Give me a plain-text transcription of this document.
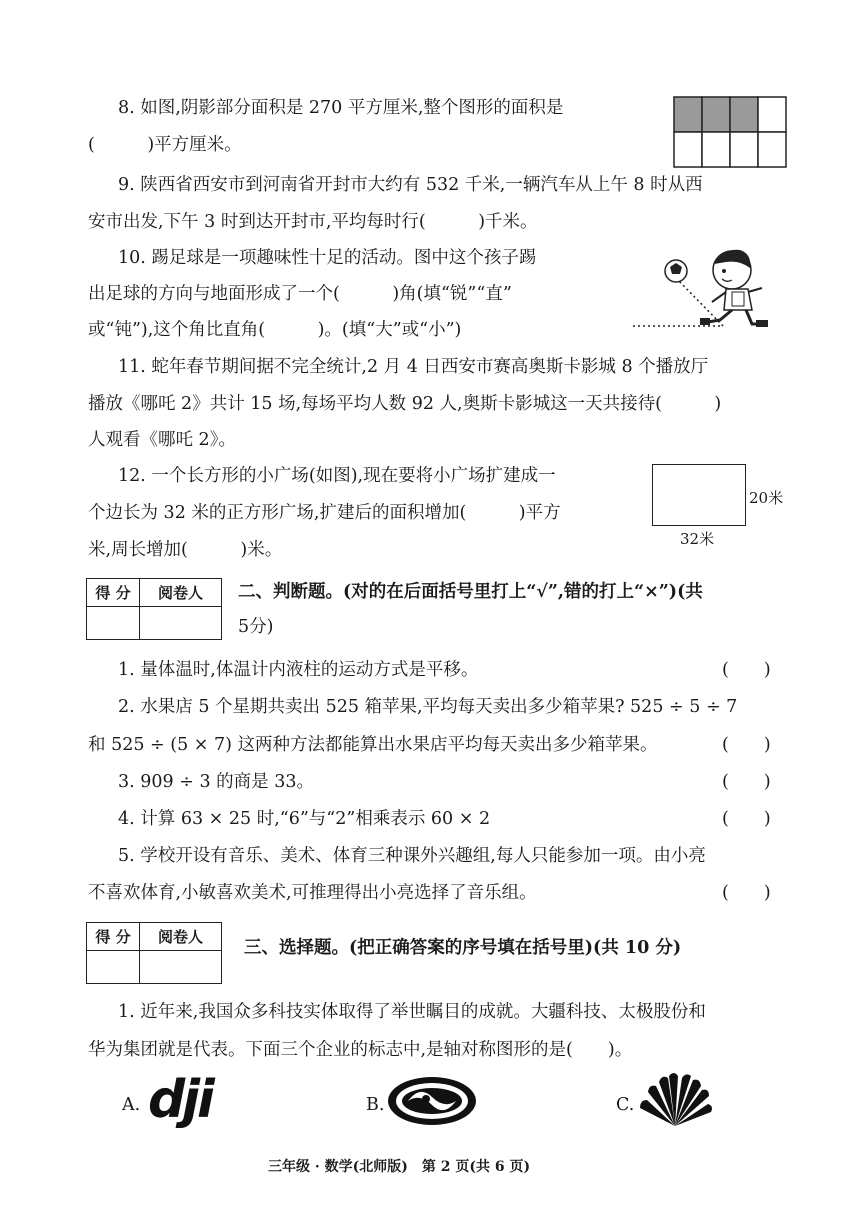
8. 如图,阴影部分面积是 270 平方厘米,整个图形的面积是
(　　　)平方厘米。
9. 陕西省西安市到河南省开封市大约有 532 千米,一辆汽车从上午 8 时从西
安市出发,下午 3 时到达开封市,平均每时行(　　　)千米。
10. 踢足球是一项趣味性十足的活动。图中这个孩子踢
出足球的方向与地面形成了一个(　　　)角(填“锐”“直”
或“钝”),这个角比直角(　　　)。(填“大”或“小”)
11. 蛇年春节期间据不完全统计,2 月 4 日西安市赛高奥斯卡影城 8 个播放厅
播放《哪吒 2》共计 15 场,每场平均人数 92 人,奥斯卡影城这一天共接待(　　　)
人观看《哪吒 2》。
12. 一个长方形的小广场(如图),现在要将小广场扩建成一
个边长为 32 米的正方形广场,扩建后的面积增加(　　　)平方
米,周长增加(　　　)米。
20米
32米
得 分	阅卷人
	二、判断题。(对的在后面括号里打上“√”,错的打上“×”)(共
5分)
1. 量体温时,体温计内液柱的运动方式是平移。	(　　)
2. 水果店 5 个星期共卖出 525 箱苹果,平均每天卖出多少箱苹果? 525 ÷ 5 ÷ 7
和 525 ÷ (5 × 7) 这两种方法都能算出水果店平均每天卖出多少箱苹果。	(　　)
3. 909 ÷ 3 的商是 33。	(　　)
4. 计算 63 × 25 时,“6”与“2”相乘表示 60 × 2	(　　)
5. 学校开设有音乐、美术、体育三种课外兴趣组,每人只能参加一项。由小亮
不喜欢体育,小敏喜欢美术,可推理得出小亮选择了音乐组。	(　　)
得 分	阅卷人

三、选择题。(把正确答案的序号填在括号里)(共 10 分)
1. 近年来,我国众多科技实体取得了举世瞩目的成就。大疆科技、太极股份和
华为集团就是代表。下面三个企业的标志中,是轴对称图形的是(　　)。
A. dji	B.	C.
三年级 · 数学(北师版)　第 2 页(共 6 页)
